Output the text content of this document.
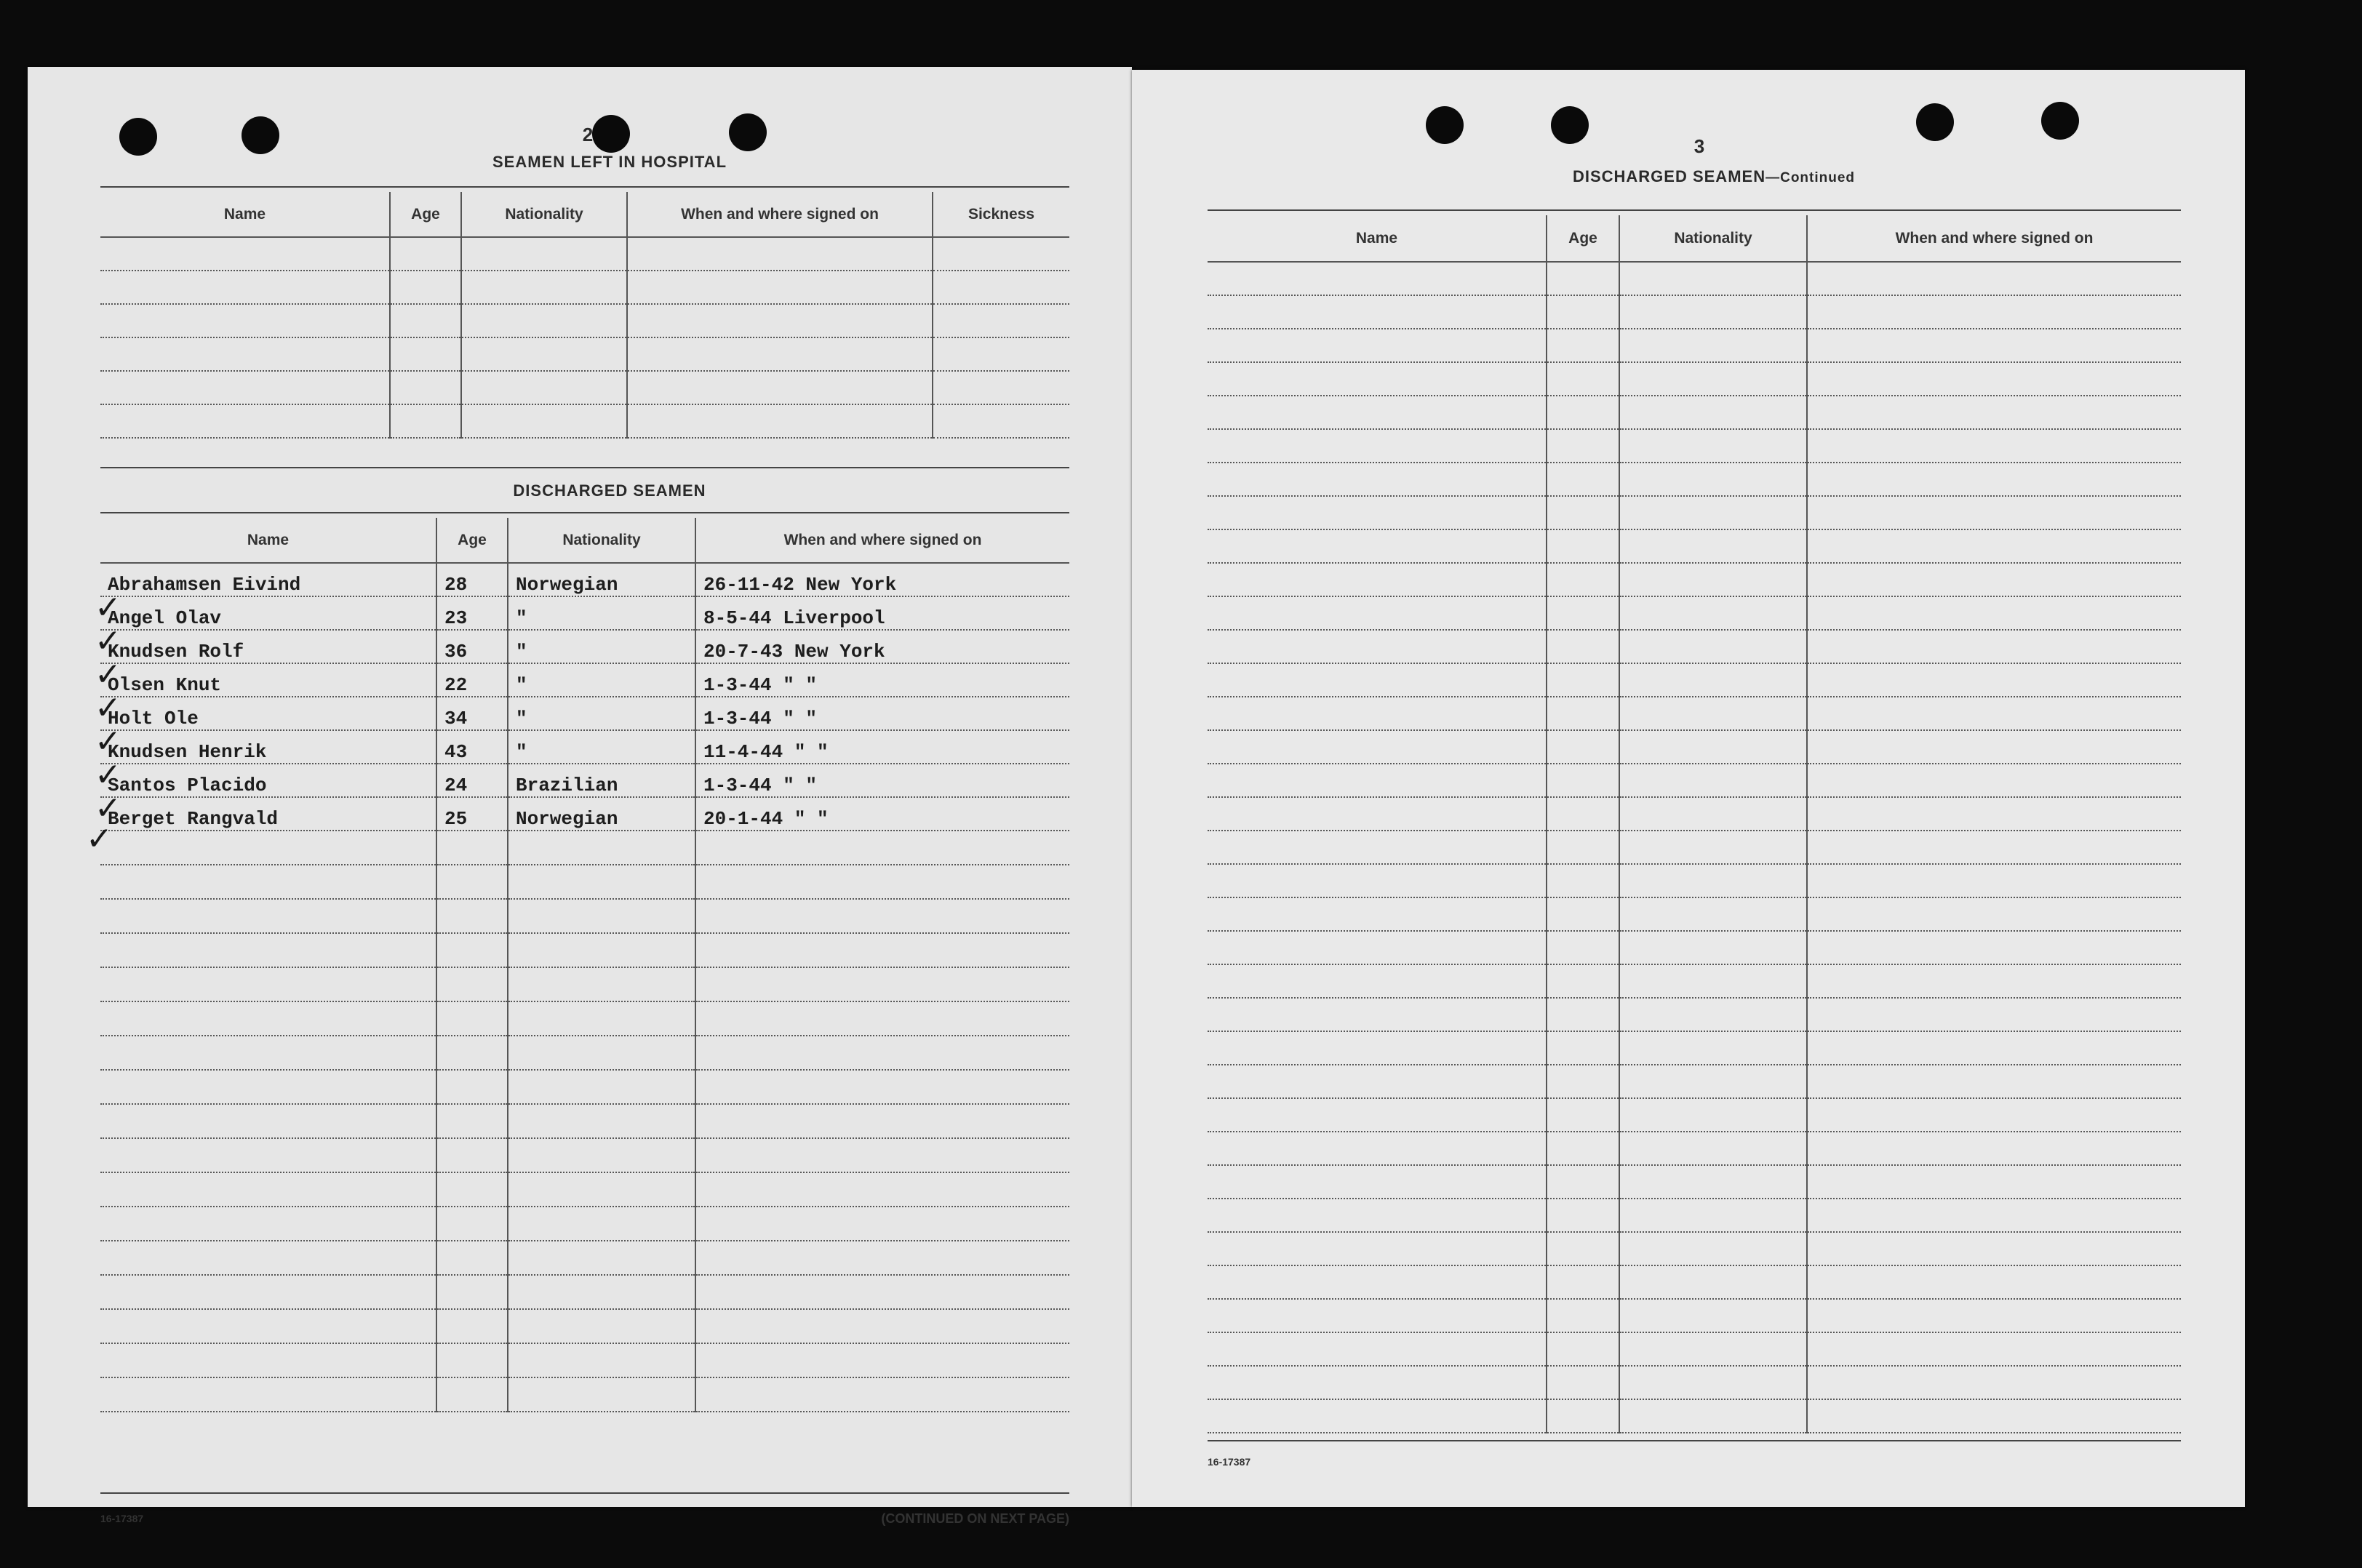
2
SEAMEN LEFT IN HOSPITAL
Name	Age	Nationality	When and where signed on	Sickness

DISCHARGED SEAMEN
Name	Age	Nationality	When and where signed on
Abrahamsen Eivind	28	Norwegian	26-11-42 New York
Angel Olav	23	"	8-5-44 Liverpool
Knudsen Rolf	36	"	20-7-43 New York
Olsen Knut	22	"	1-3-44 " "
Holt Ole	34	"	1-3-44 " "
Knudsen Henrik	43	"	11-4-44 " "
Santos Placido	24	Brazilian	1-3-44 " "
Berget Rangvald	25	Norwegian	20-1-44 " "

✓
✓
✓
✓
✓
✓
✓
✓
16-17387	(CONTINUED ON NEXT PAGE)
3
DISCHARGED SEAMEN—Continued
Name	Age	Nationality	When and where signed on

16-17387
